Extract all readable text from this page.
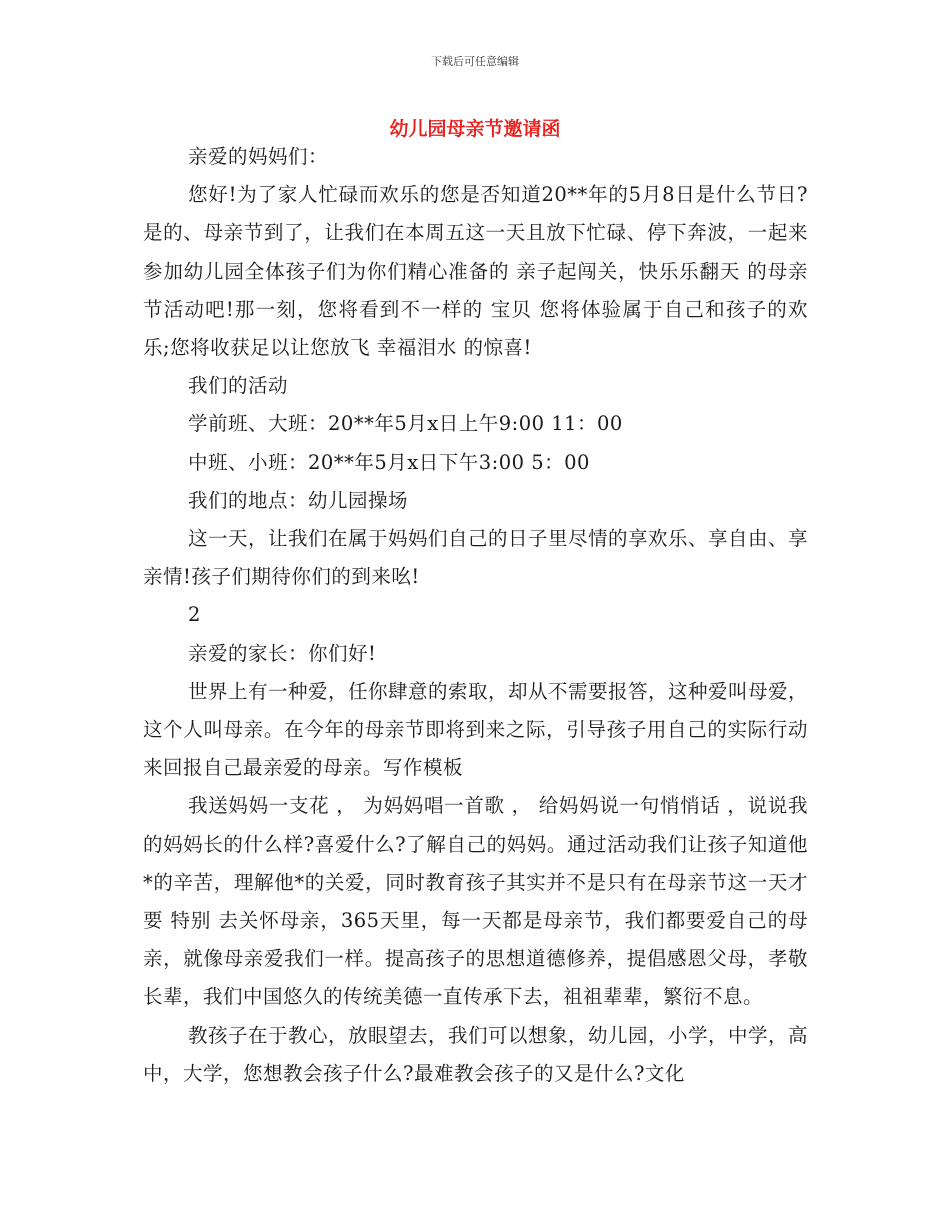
下载后可任意编辑
幼儿园母亲节邀请函

亲爱的妈妈们：

您好!为了家人忙碌而欢乐的您是否知道20**年的5月8日是什么节日?是的、母亲节到了，让我们在本周五这一天且放下忙碌、停下奔波，一起来参加幼儿园全体孩子们为你们精心准备的 亲子起闯关，快乐乐翻天 的母亲节活动吧!那一刻，您将看到不一样的 宝贝 您将体验属于自己和孩子的欢乐;您将收获足以让您放飞 幸福泪水 的惊喜!

我们的活动

学前班、大班：20**年5月x日上午9:00 11：00

中班、小班：20**年5月x日下午3:00 5：00

我们的地点：幼儿园操场

这一天，让我们在属于妈妈们自己的日子里尽情的享欢乐、享自由、享亲情!孩子们期待你们的到来吆!

2

亲爱的家长：你们好!

世界上有一种爱，任你肆意的索取，却从不需要报答，这种爱叫母爱，这个人叫母亲。在今年的母亲节即将到来之际，引导孩子用自己的实际行动来回报自己最亲爱的母亲。写作模板

我送妈妈一支花 ， 为妈妈唱一首歌 ， 给妈妈说一句悄悄话 ，说说我的妈妈长的什么样?喜爱什么?了解自己的妈妈。通过活动我们让孩子知道他*的辛苦，理解他*的关爱，同时教育孩子其实并不是只有在母亲节这一天才要 特别 去关怀母亲，365天里，每一天都是母亲节，我们都要爱自己的母亲，就像母亲爱我们一样。提高孩子的思想道德修养，提倡感恩父母，孝敬长辈，我们中国悠久的传统美德一直传承下去，祖祖辈辈，繁衍不息。

教孩子在于教心，放眼望去，我们可以想象，幼儿园，小学，中学，高中，大学，您想教会孩子什么?最难教会孩子的又是什么?文化
